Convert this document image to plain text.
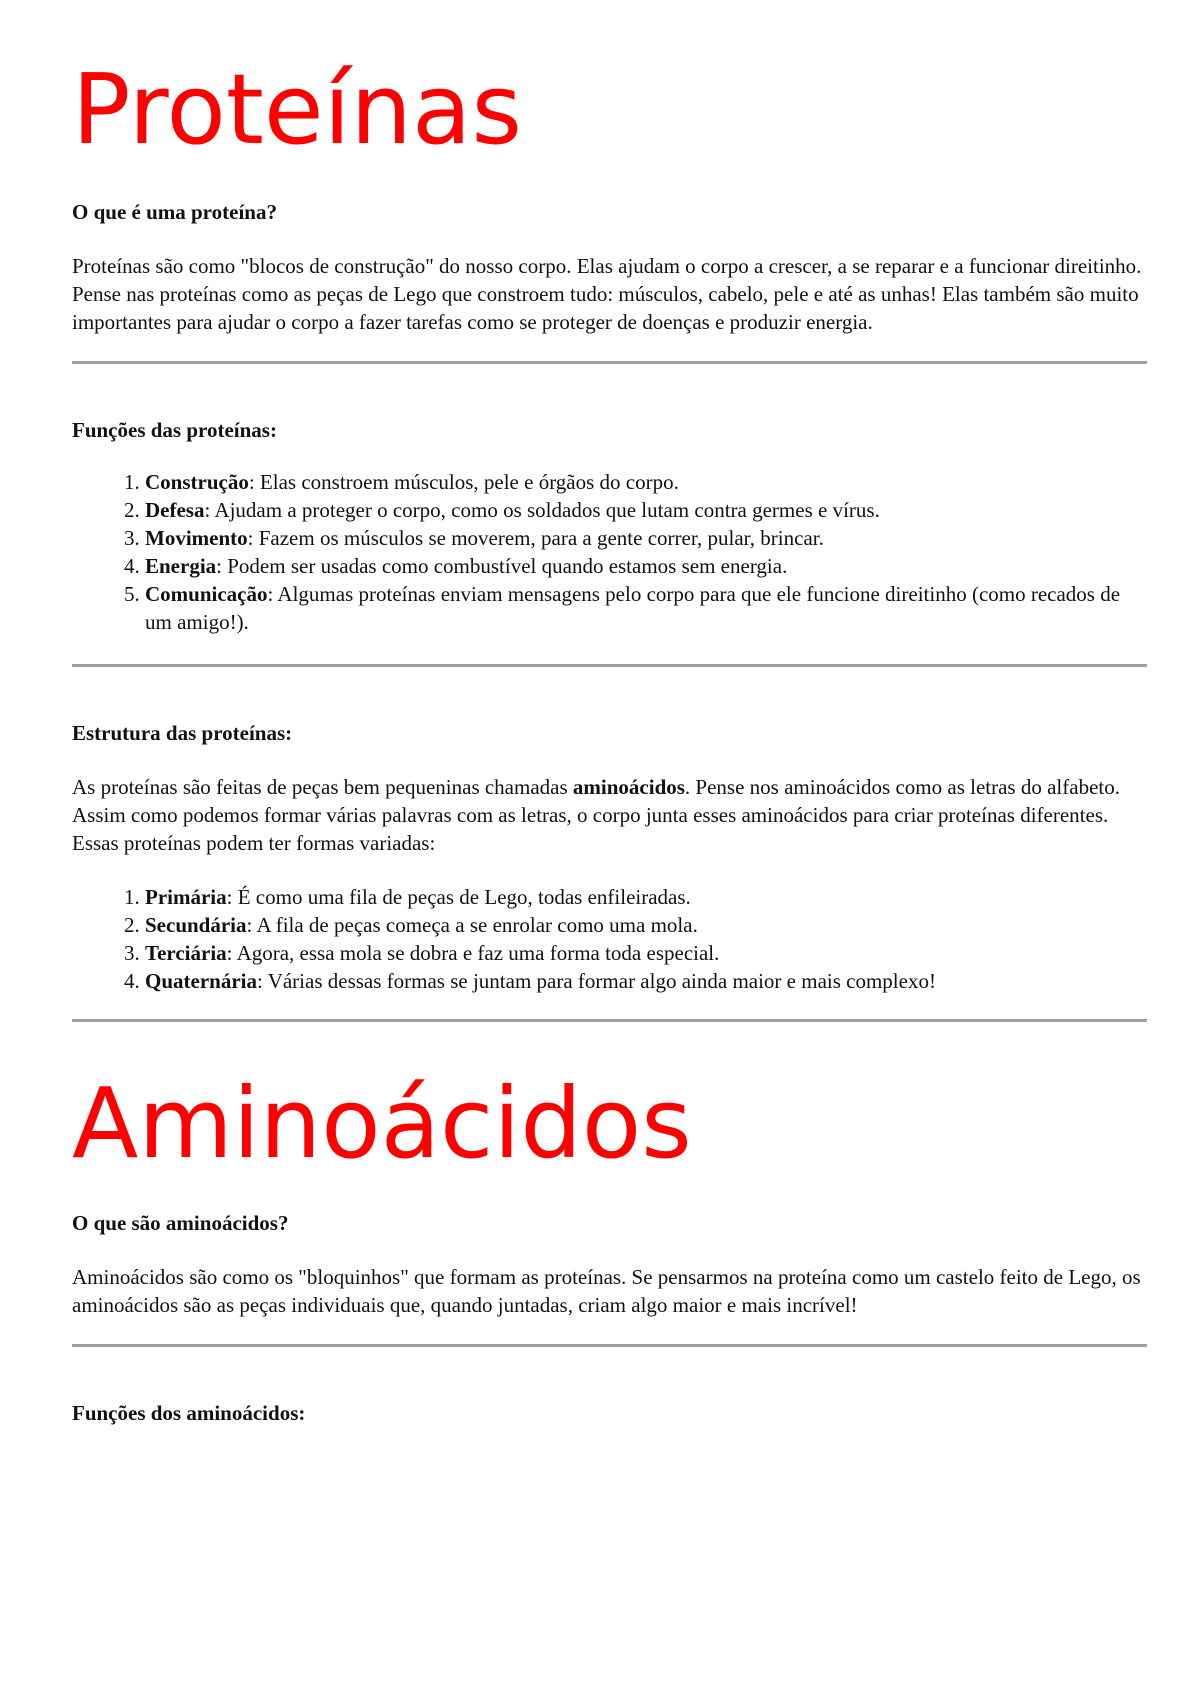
Proteínas

O que é uma proteína?

Proteínas são como "blocos de construção" do nosso corpo. Elas ajudam o corpo a crescer, a se reparar e a funcionar direitinho. Pense nas proteínas como as peças de Lego que constroem tudo: músculos, cabelo, pele e até as unhas! Elas também são muito importantes para ajudar o corpo a fazer tarefas como se proteger de doenças e produzir energia.

Funções das proteínas:

1. Construção: Elas constroem músculos, pele e órgãos do corpo.
2. Defesa: Ajudam a proteger o corpo, como os soldados que lutam contra germes e vírus.
3. Movimento: Fazem os músculos se moverem, para a gente correr, pular, brincar.
4. Energia: Podem ser usadas como combustível quando estamos sem energia.
5. Comunicação: Algumas proteínas enviam mensagens pelo corpo para que ele funcione direitinho (como recados de um amigo!).

Estrutura das proteínas:

As proteínas são feitas de peças bem pequeninas chamadas aminoácidos. Pense nos aminoácidos como as letras do alfabeto. Assim como podemos formar várias palavras com as letras, o corpo junta esses aminoácidos para criar proteínas diferentes. Essas proteínas podem ter formas variadas:

1. Primária: É como uma fila de peças de Lego, todas enfileiradas.
2. Secundária: A fila de peças começa a se enrolar como uma mola.
3. Terciária: Agora, essa mola se dobra e faz uma forma toda especial.
4. Quaternária: Várias dessas formas se juntam para formar algo ainda maior e mais complexo!
Aminoácidos

O que são aminoácidos?

Aminoácidos são como os "bloquinhos" que formam as proteínas. Se pensarmos na proteína como um castelo feito de Lego, os aminoácidos são as peças individuais que, quando juntadas, criam algo maior e mais incrível!

Funções dos aminoácidos:
